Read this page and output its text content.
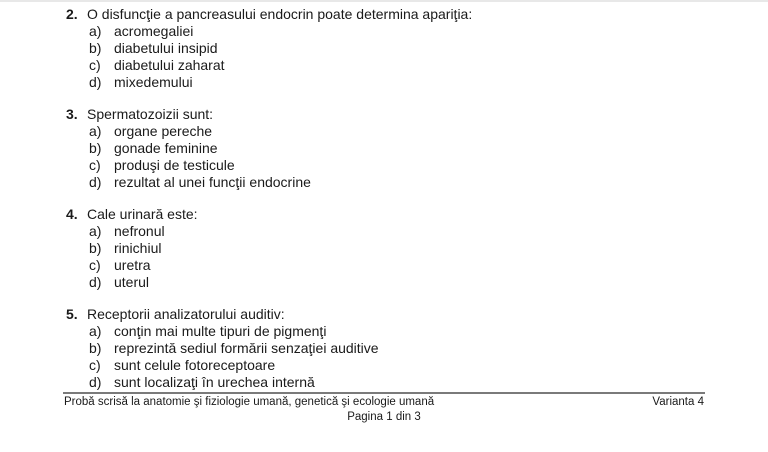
2. O disfuncţie a pancreasului endocrin poate determina apariţia:
a) acromegaliei
b) diabetului insipid
c) diabetului zaharat
d) mixedemului
3. Spermatozoizii sunt:
a) organe pereche
b) gonade feminine
c) produşi de testicule
d) rezultat al unei funcţii endocrine
4. Cale urinară este:
a) nefronul
b) rinichiul
c) uretra
d) uterul
5. Receptorii analizatorului auditiv:
a) conţin mai multe tipuri de pigmenţi
b) reprezintă sediul formării senzaţiei auditive
c) sunt celule fotoreceptoare
d) sunt localizaţi în urechea internă
Probă scrisă la anatomie şi fiziologie umană, genetică şi ecologie umană	Varianta 4
Pagina 1 din 3
